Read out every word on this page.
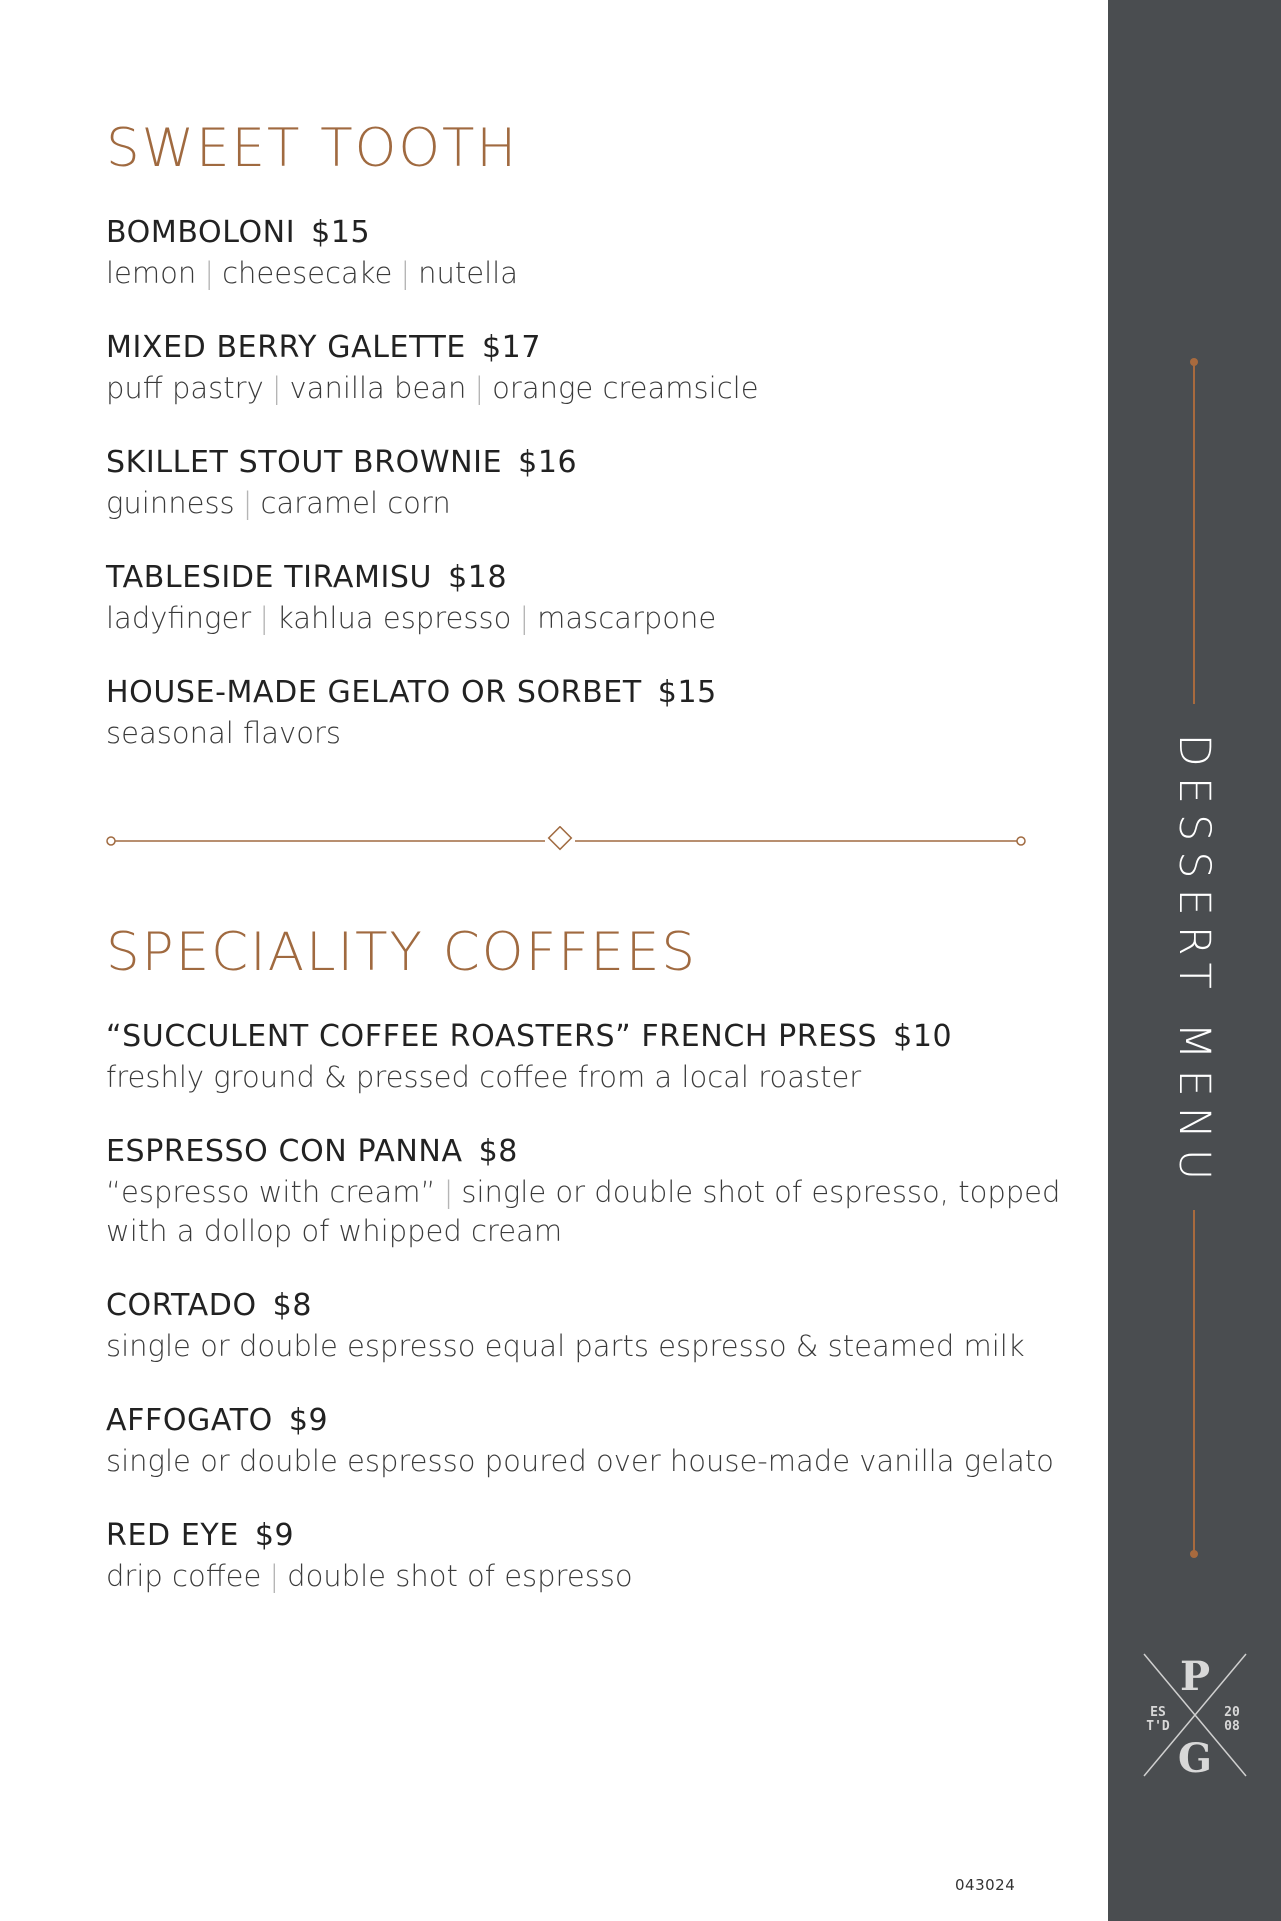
SWEET TOOTH
BOMBOLONI $15
lemon | cheesecake | nutella
MIXED BERRY GALETTE $17
puff pastry | vanilla bean | orange creamsicle
SKILLET STOUT BROWNIE $16
guinness | caramel corn
TABLESIDE TIRAMISU $18
ladyfinger | kahlua espresso | mascarpone
HOUSE-MADE GELATO OR SORBET $15
seasonal flavors
SPECIALITY COFFEES
“SUCCULENT COFFEE ROASTERS” FRENCH PRESS $10
freshly ground & pressed coffee from a local roaster
ESPRESSO CON PANNA $8
“espresso with cream” | single or double shot of espresso, topped with a dollop of whipped cream
CORTADO $8
single or double espresso equal parts espresso & steamed milk
AFFOGATO $9
single or double espresso poured over house-made vanilla gelato
RED EYE $9
drip coffee | double shot of espresso
043024
DESSERT MENU
P
G
ES
T'D
20
08
